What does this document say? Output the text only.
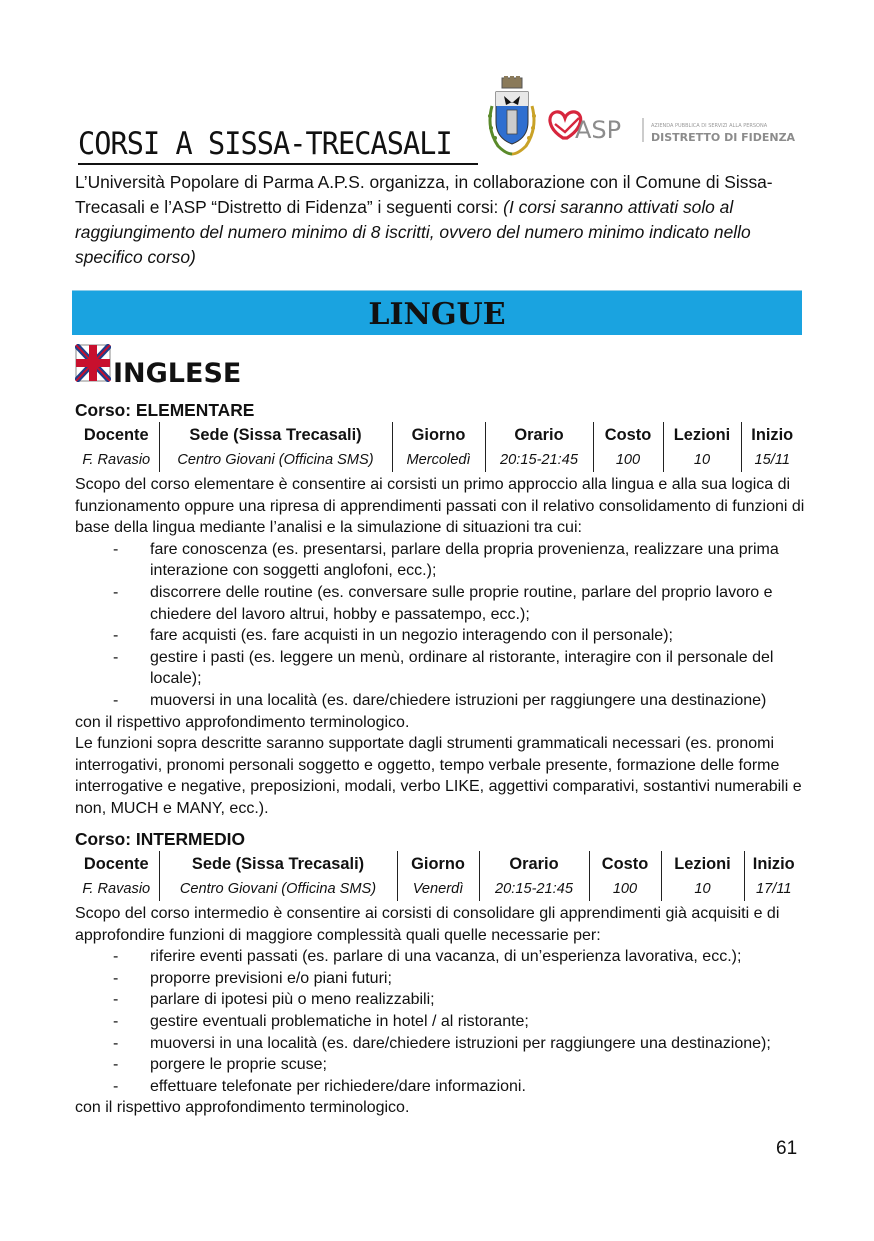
CORSI A SISSA-TRECASALI	ASP	AZIENDA PUBBLICA DI SERVIZI ALLA PERSONA
DISTRETTO DI FIDENZA

L’Università Popolare di Parma A.P.S. organizza, in collaborazione con il Comune di Sissa- Trecasali e l’ASP “Distretto di Fidenza” i seguenti corsi: (I corsi saranno attivati solo al raggiungimento del numero minimo di 8 iscritti, ovvero del numero minimo indicato nello specifico corso)

LINGUE
INGLESE
Corso: ELEMENTARE
Docente	Sede (Sissa Trecasali)	Giorno	Orario	Costo	Lezioni	Inizio
F. Ravasio	Centro Giovani (Officina SMS)	Mercoledì	20:15-21:45	100	10	15/11

Scopo del corso elementare è consentire ai corsisti un primo approccio alla lingua e alla sua logica di funzionamento oppure una ripresa di apprendimenti passati con il relativo consolidamento di funzioni di base della lingua mediante l’analisi e la simulazione di situazioni tra cui:

- fare conoscenza (es. presentarsi, parlare della propria provenienza, realizzare una prima interazione con soggetti anglofoni, ecc.);
- discorrere delle routine (es. conversare sulle proprie routine, parlare del proprio lavoro e chiedere del lavoro altrui, hobby e passatempo, ecc.);
- fare acquisti (es. fare acquisti in un negozio interagendo con il personale);
- gestire i pasti (es. leggere un menù, ordinare al ristorante, interagire con il personale del locale);
- muoversi in una località (es. dare/chiedere istruzioni per raggiungere una destinazione)

con il rispettivo approfondimento terminologico.

Le funzioni sopra descritte saranno supportate dagli strumenti grammaticali necessari (es. pronomi interrogativi, pronomi personali soggetto e oggetto, tempo verbale presente, formazione delle forme interrogative e negative, preposizioni, modali, verbo LIKE, aggettivi comparativi, sostantivi numerabili e non, MUCH e MANY, ecc.).

Corso: INTERMEDIO
Docente	Sede (Sissa Trecasali)	Giorno	Orario	Costo	Lezioni	Inizio
F. Ravasio	Centro Giovani (Officina SMS)	Venerdì	20:15-21:45	100	10	17/11

Scopo del corso intermedio è consentire ai corsisti di consolidare gli apprendimenti già acquisiti e di approfondire funzioni di maggiore complessità quali quelle necessarie per:

- riferire eventi passati (es. parlare di una vacanza, di un’esperienza lavorativa, ecc.);
- proporre previsioni e/o piani futuri;
- parlare di ipotesi più o meno realizzabili;
- gestire eventuali problematiche in hotel / al ristorante;
- muoversi in una località (es. dare/chiedere istruzioni per raggiungere una destinazione);
- porgere le proprie scuse;
- effettuare telefonate per richiedere/dare informazioni.

con il rispettivo approfondimento terminologico.

61
